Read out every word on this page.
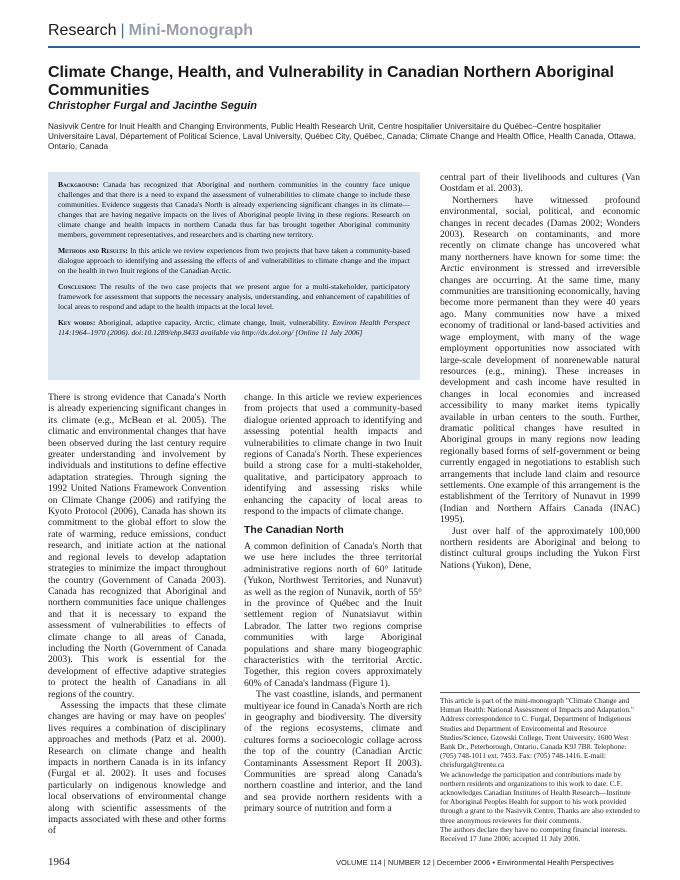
Research | Mini-Monograph
Climate Change, Health, and Vulnerability in Canadian Northern Aboriginal Communities
Christopher Furgal and Jacinthe Seguin
Nasivvik Centre for Inuit Health and Changing Environments, Public Health Research Unit, Centre hospitalier Universitaire du Québec–Centre hospitalier Universitaire Laval, Département of Political Science, Laval University, Québec City, Québec, Canada; Climate Change and Health Office, Health Canada, Ottawa, Ontario, Canada

Background: Canada has recognized that Aboriginal and northern communities in the country face unique challenges and that there is a need to expand the assessment of vulnerabilities to climate change to include these communities. Evidence suggests that Canada's North is already experiencing significant changes in its climate—changes that are having negative impacts on the lives of Aboriginal people living in these regions. Research on climate change and health impacts in northern Canada thus far has brought together Aboriginal community members, government representatives, and researchers and is charting new territory.

Methods and Results: In this article we review experiences from two projects that have taken a community-based dialogue approach to identifying and assessing the effects of and vulnerabilities to climate change and the impact on the health in two Inuit regions of the Canadian Arctic.

Conclusion: The results of the two case projects that we present argue for a multi-stakeholder, participatory framework for assessment that supports the necessary analysis, understanding, and enhancement of capabilities of local areas to respond and adapt to the health impacts at the local level.

Key words: Aboriginal, adaptive capacity, Arctic, climate change, Inuit, vulnerability. Environ Health Perspect 114:1964–1970 (2006). doi:10.1289/ehp.8433 available via http://dx.doi.org/ [Online 11 July 2006]

There is strong evidence that Canada's North is already experiencing significant changes in its climate (e.g., McBean et al. 2005). The climatic and environmental changes that have been observed during the last century require greater understanding and involvement by individuals and institutions to define effective adaptation strategies. Through signing the 1992 United Nations Framework Convention on Climate Change (2006) and ratifying the Kyoto Protocol (2006), Canada has shown its commitment to the global effort to slow the rate of warming, reduce emissions, conduct research, and initiate action at the national and regional levels to develop adaptation strategies to minimize the impact throughout the country (Government of Canada 2003). Canada has recognized that Aboriginal and northern communities face unique challenges and that it is necessary to expand the assessment of vulnerabilities to effects of climate change to all areas of Canada, including the North (Government of Canada 2003). This work is essential for the development of effective adaptive strategies to protect the health of Canadians in all regions of the country.

Assessing the impacts that these climate changes are having or may have on peoples' lives requires a combination of disciplinary approaches and methods (Patz et al. 2000). Research on climate change and health impacts in northern Canada is in its infancy (Furgal et al. 2002). It uses and focuses particularly on indigenous knowledge and local observations of environmental change along with scientific assessments of the impacts associated with these and other forms of

change. In this article we review experiences from projects that used a community-based dialogue oriented approach to identifying and assessing potential health impacts and vulnerabilities to climate change in two Inuit regions of Canada's North. These experiences build a strong case for a multi-stakeholder, qualitative, and participatory approach to identifying and assessing risks while enhancing the capacity of local areas to respond to the impacts of climate change.

The Canadian North

A common definition of Canada's North that we use here includes the three territorial administrative regions north of 60° latitude (Yukon, Northwest Territories, and Nunavut) as well as the region of Nunavik, north of 55° in the province of Québec and the Inuit settlement region of Nunatsiavut within Labrador. The latter two regions comprise communities with large Aboriginal populations and share many biogeographic characteristics with the territorial Arctic. Together, this region covers approximately 60% of Canada's landmass (Figure 1).

The vast coastline, islands, and permanent multiyear ice found in Canada's North are rich in geography and biodiversity. The diversity of the regions ecosystems, climate and cultures forms a socioecologic collage across the top of the country (Canadian Arctic Contaminants Assessment Report II 2003). Communities are spread along Canada's northern coastline and interior, and the land and sea provide northern residents with a primary source of nutrition and form a

central part of their livelihoods and cultures (Van Oostdam et al. 2003).

Northerners have witnessed profound environmental, social, political, and economic changes in recent decades (Damas 2002; Wonders 2003). Research on contaminants, and more recently on climate change has uncovered what many northerners have known for some time: the Arctic environment is stressed and irreversible changes are occurring. At the same time, many communities are transitioning economically, having become more permanent than they were 40 years ago. Many communities now have a mixed economy of traditional or land-based activities and wage employment, with many of the wage employment opportunities now associated with large-scale development of nonrenewable natural resources (e.g., mining). These increases in development and cash income have resulted in changes in local economies and increased accessibility to many market items typically available in urban centers to the south. Further, dramatic political changes have resulted in Aboriginal groups in many regions now leading regionally based forms of self-government or being currently engaged in negotiations to establish such arrangements that include land claim and resource settlements. One example of this arrangement is the establishment of the Territory of Nunavut in 1999 (Indian and Northern Affairs Canada (INAC) 1995).

Just over half of the approximately 100,000 northern residents are Aboriginal and belong to distinct cultural groups including the Yukon First Nations (Yukon), Dene,

This article is part of the mini-monograph "Climate Change and Human Health: National Assessment of Impacts and Adaptation."

Address correspondence to C. Furgal, Department of Indigenous Studies and Department of Environmental and Resource Studies/Science, Gzowski College, Trent University, 1600 West Bank Dr., Peterborough, Ontario, Canada K9J 7B8. Telephone: (705) 748-1011 ext. 7453. Fax: (705) 748-1416. E-mail: chrisfurgal@trentu.ca

We acknowledge the participation and contributions made by northern residents and organizations to this work to date. C.F. acknowledges Canadian Institutes of Health Research—Institute for Aboriginal Peoples Health for support to his work provided through a grant to the Nasivvik Centre. Thanks are also extended to three anonymous reviewers for their comments.

The authors declare they have no competing financial interests.

Received 17 June 2006; accepted 11 July 2006.

1964	VOLUME 114 | NUMBER 12 | December 2006 • Environmental Health Perspectives
